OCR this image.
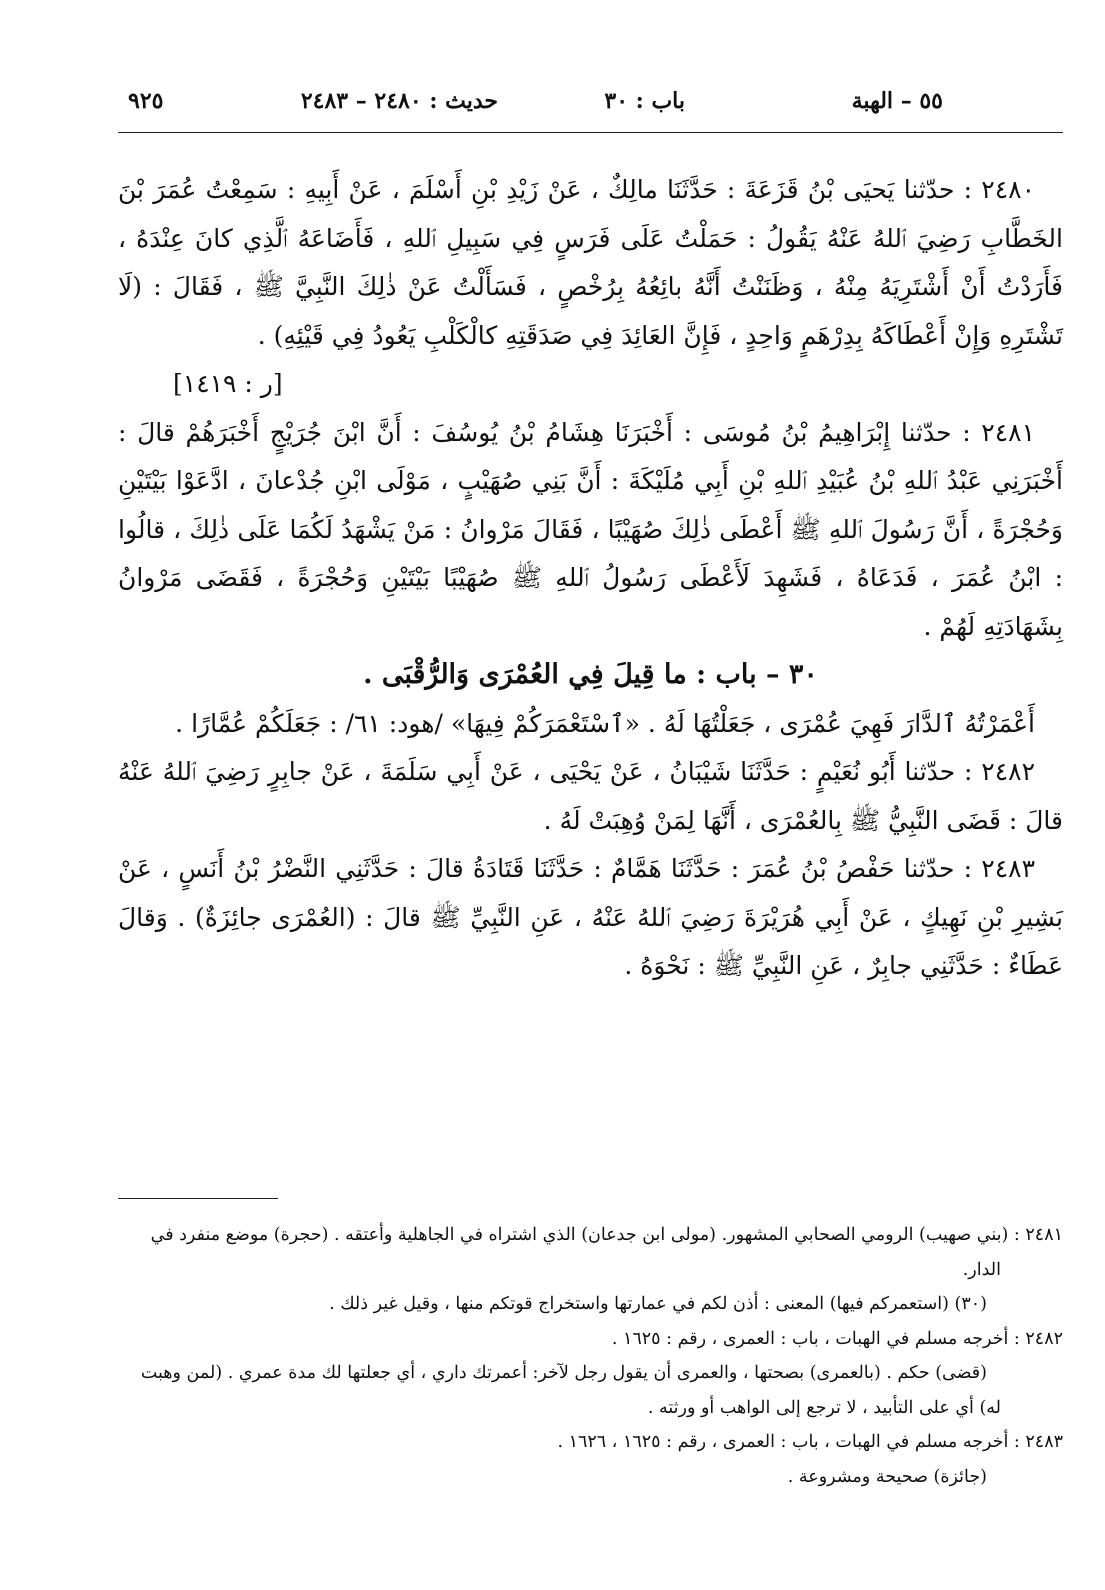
٥٥ – الهبة
باب : ٣٠
حديث : ٢٤٨٠ – ٢٤٨٣
٩٢٥

٢٤٨٠ : حدّثنا يَحيَى بْنُ قَزَعَةَ : حَدَّثَنَا مالِكٌ ، عَنْ زَيْدِ بْنِ أَسْلَمَ ، عَنْ أَبِيهِ : سَمِعْتُ عُمَرَ بْنَ الخَطَّابِ رَضِيَ ٱللهُ عَنْهُ يَقُولُ : حَمَلْتُ عَلَى فَرَسٍ فِي سَبِيلِ ٱللهِ ، فَأَضَاعَهُ ٱلَّذِي كانَ عِنْدَهُ ، فَأَرَدْتُ أَنْ أَشْتَرِيَهُ مِنْهُ ، وَظَنَنْتُ أَنَّهُ بائِعُهُ بِرُخْصٍ ، فَسَأَلْتُ عَنْ ذٰلِكَ النَّبِيَّ ﷺ ، فَقَالَ : (لَا تَشْتَرِهِ وَإِنْ أَعْطَاكَهُ بِدِرْهَمٍ وَاحِدٍ ، فَإِنَّ العَائِدَ فِي صَدَقَتِهِ كالْكَلْبِ يَعُودُ فِي قَيْئِهِ) .

[ر : ١٤١٩]

٢٤٨١ : حدّثنا إِبْرَاهِيمُ بْنُ مُوسَى : أَخْبَرَنَا هِشَامُ بْنُ يُوسُفَ : أَنَّ ابْنَ جُرَيْجٍ أَخْبَرَهُمْ قالَ : أَخْبَرَنِي عَبْدُ ٱللهِ بْنُ عُبَيْدِ ٱللهِ بْنِ أَبِي مُلَيْكَةَ : أَنَّ بَنِي صُهَيْبٍ ، مَوْلَى ابْنِ جُدْعانَ ، ادَّعَوْا بَيْتَيْنِ وَحُجْرَةً ، أَنَّ رَسُولَ ٱللهِ ﷺ أَعْطَى ذٰلِكَ صُهَيْبًا ، فَقَالَ مَرْوانُ : مَنْ يَشْهَدُ لَكُمَا عَلَى ذٰلِكَ ، قالُوا : ابْنُ عُمَرَ ، فَدَعَاهُ ، فَشَهِدَ لَأَعْطَى رَسُولُ ٱللهِ ﷺ صُهَيْبًا بَيْتَيْنِ وَحُجْرَةً ، فَقَضَى مَرْوانُ بِشَهَادَتِهِ لَهُمْ .

٣٠ – باب : ما قِيلَ فِي العُمْرَى وَالرُّقْبَى .

أَعْمَرْتُهُ ٱلدَّارَ فَهِيَ عُمْرَى ، جَعَلْتُهَا لَهُ . «ٱسْتَعْمَرَكُمْ فِيهَا» /هود: ٦١/ : جَعَلَكُمْ عُمَّارًا .

٢٤٨٢ : حدّثنا أَبُو نُعَيْمٍ : حَدَّثَنَا شَيْبَانُ ، عَنْ يَحْيَى ، عَنْ أَبِي سَلَمَةَ ، عَنْ جابِرٍ رَضِيَ ٱللهُ عَنْهُ قالَ : قَضَى النَّبِيُّ ﷺ بِالعُمْرَى ، أَنَّهَا لِمَنْ وُهِبَتْ لَهُ .

٢٤٨٣ : حدّثنا حَفْصُ بْنُ عُمَرَ : حَدَّثَنَا هَمَّامٌ : حَدَّثَنَا قَتَادَةُ قالَ : حَدَّثَنِي النَّضْرُ بْنُ أَنَسٍ ، عَنْ بَشِيرِ بْنِ نَهِيكٍ ، عَنْ أَبِي هُرَيْرَةَ رَضِيَ ٱللهُ عَنْهُ ، عَنِ النَّبِيِّ ﷺ قالَ : (العُمْرَى جائِزَةٌ) . وَقالَ عَطَاءٌ : حَدَّثَنِي جابِرٌ ، عَنِ النَّبِيِّ ﷺ : نَحْوَهُ .

٢٤٨١ : (بني صهيب) الرومي الصحابي المشهور. (مولى ابن جدعان) الذي اشتراه في الجاهلية وأعتقه . (حجرة) موضع منفرد في الدار.

(٣٠) (استعمركم فيها) المعنى : أذن لكم في عمارتها واستخراج قوتكم منها ، وقيل غير ذلك .

٢٤٨٢ : أخرجه مسلم في الهبات ، باب : العمرى ، رقم : ١٦٢٥ .

(قضى) حكم . (بالعمرى) بصحتها ، والعمرى أن يقول رجل لآخر: أعمرتك داري ، أي جعلتها لك مدة عمري . (لمن وهبت له) أي على التأبيد ، لا ترجع إلى الواهب أو ورثته .

٢٤٨٣ : أخرجه مسلم في الهبات ، باب : العمرى ، رقم : ١٦٢٥ ، ١٦٢٦ .

(جائزة) صحيحة ومشروعة .
